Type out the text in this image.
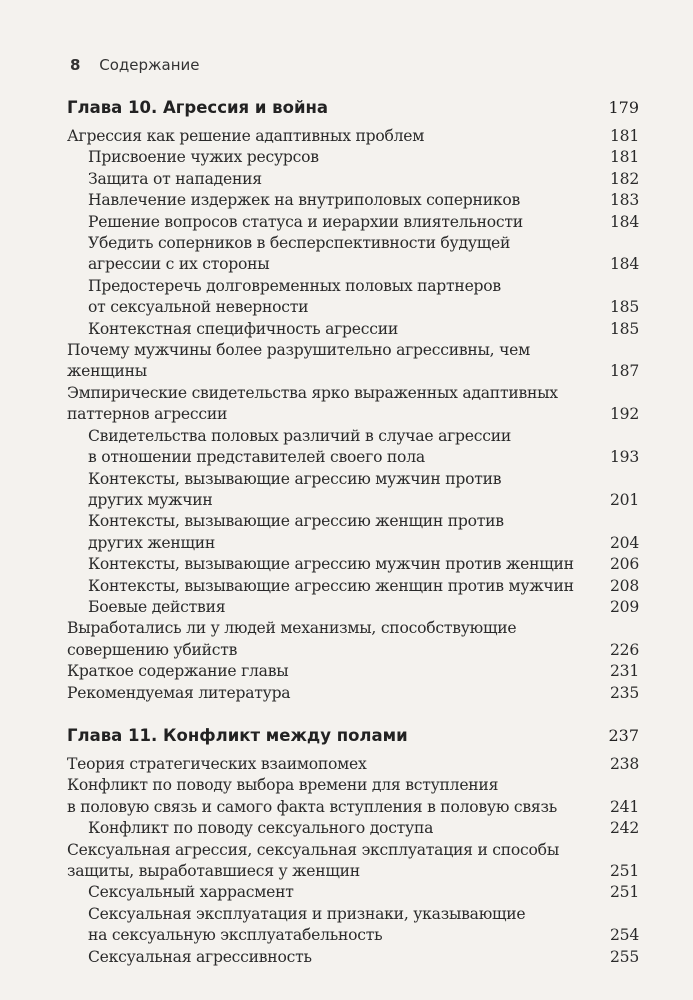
8 Содержание
Глава 10. Агрессия и война	179
Агрессия как решение адаптивных проблем	181
Присвоение чужих ресурсов	181
Защита от нападения	182
Навлечение издержек на внутриполовых соперников	183
Решение вопросов статуса и иерархии влиятельности	184
Убедить соперников в бесперспективности будущей
агрессии с их стороны	184
Предостеречь долговременных половых партнеров
от сексуальной неверности	185
Контекстная специфичность агрессии	185
Почему мужчины более разрушительно агрессивны, чем женщины	187
Эмпирические свидетельства ярко выраженных адаптивных
паттернов агрессии	192
Свидетельства половых различий в случае агрессии
в отношении представителей своего пола	193
Контексты, вызывающие агрессию мужчин против
других мужчин	201
Контексты, вызывающие агрессию женщин против
других женщин	204
Контексты, вызывающие агрессию мужчин против женщин	206
Контексты, вызывающие агрессию женщин против мужчин	208
Боевые действия	209
Выработались ли у людей механизмы, способствующие
совершению убийств	226
Краткое содержание главы	231
Рекомендуемая литература	235
Глава 11. Конфликт между полами	237
Теория стратегических взаимопомех	238
Конфликт по поводу выбора времени для вступления
в половую связь и самого факта вступления в половую связь	241
Конфликт по поводу сексуального доступа	242
Сексуальная агрессия, сексуальная эксплуатация и способы
защиты, выработавшиеся у женщин	251
Сексуальный харрасмент	251
Сексуальная эксплуатация и признаки, указывающие
на сексуальную эксплуатабельность	254
Сексуальная агрессивность	255
